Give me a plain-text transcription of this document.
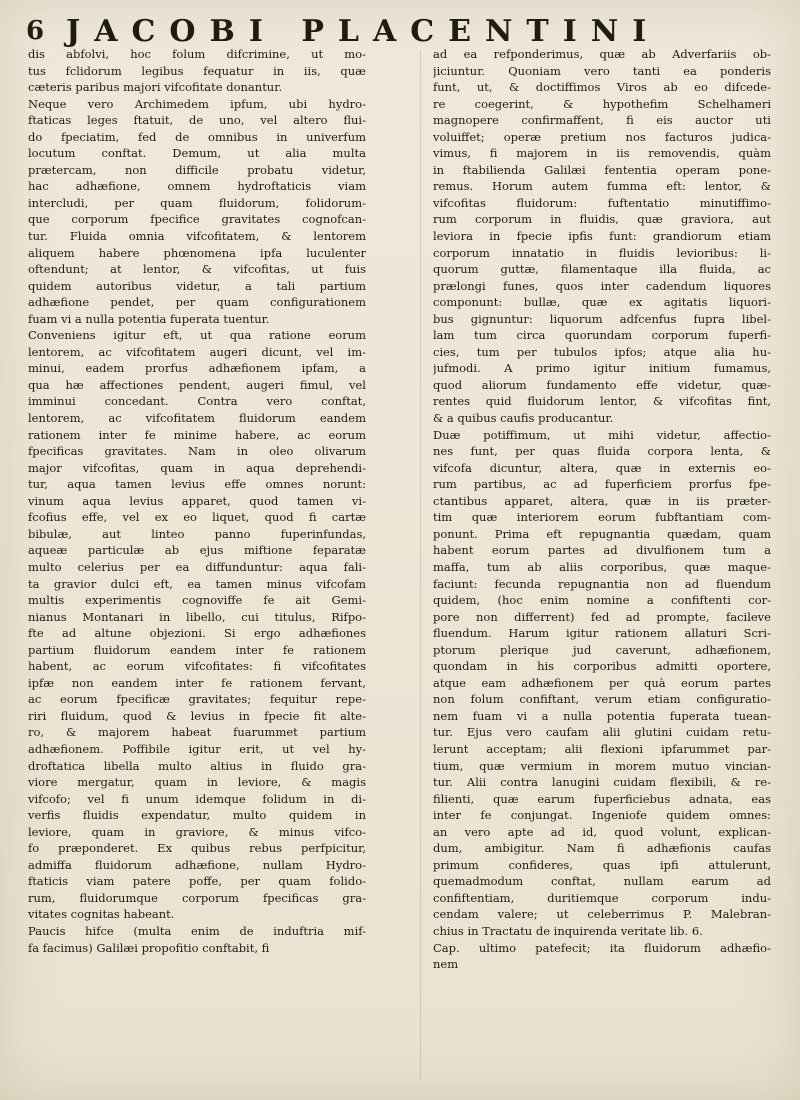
6 JACOBI PLACENTINI
dis abfolvi, hoc folum difcrimine, ut mo-
tus fclidorum legibus fequatur in iis, quæ
cæteris paribus majori vifcofitate donantur.
Neque vero Archimedem ipfum, ubi hydro-
ftaticas leges ftatuit, de uno, vel altero flui-
do fpeciatim, fed de omnibus in univerfum
locutum conftat. Demum, ut alia multa
prætercam, non difficile probatu videtur,
hac adhæfione, omnem hydroftaticis viam
intercludi, per quam fluidorum, folidorum-
que corporum fpecifice gravitates cognofcan-
tur. Fluida omnia vifcofitatem, & lentorem
aliquem habere phœnomena ipfa luculenter
oftendunt; at lentor, & vifcofitas, ut fuis
quidem autoribus videtur, a tali partium
adhæfione pendet, per quam configurationem
fuam vi a nulla potentia fuperata tuentur.
Conveniens igitur eft, ut qua ratione eorum
lentorem, ac vifcofitatem augeri dicunt, vel im-
minui, eadem prorfus adhæfionem ipfam, a
qua hæ affectiones pendent, augeri fimul, vel
imminui concedant. Contra vero conftat,
lentorem, ac vifcofitatem fluidorum eandem
rationem inter fe minime habere, ac eorum
fpecificas gravitates. Nam in oleo olivarum
major vifcofitas, quam in aqua deprehendi-
tur, aqua tamen levius effe omnes norunt:
vinum aqua levius apparet, quod tamen vi-
fcofius effe, vel ex eo liquet, quod fi cartæ
bibulæ, aut linteo panno fuperinfundas,
aqueæ particulæ ab ejus miftione feparatæ
multo celerius per ea diffunduntur: aqua fali-
ta gravior dulci eft, ea tamen minus vifcofam
multis experimentis cognoviffe fe ait Gemi-
nianus Montanari in libello, cui titulus, Rifpo-
fte ad altune objezioni. Si ergo adhæfiones
partium fluidorum eandem inter fe rationem
habent, ac eorum vifcofitates: fi vifcofitates
ipfæ non eandem inter fe rationem fervant,
ac eorum fpecificæ gravitates; fequitur repe-
riri fluidum, quod & levius in fpecie fit alte-
ro, & majorem habeat fuarummet partium
adhæfionem. Poffibile igitur erit, ut vel hy-
droftatica libella multo altius in fluido gra-
viore mergatur, quam in leviore, & magis
vifcofo; vel fi unum idemque folidum in di-
verfis fluidis expendatur, multo quidem in
leviore, quam in graviore, & minus vifco-
fo præponderet. Ex quibus rebus perfpicitur,
admiffa fluidorum adhæfione, nullam Hydro-
ftaticis viam patere poffe, per quam folido-
rum, fluidorumque corporum fpecificas gra-
vitates cognitas habeant.
Paucis hifce (multa enim de induftria mif-
fa facimus) Galilæi propofitio conftabit, fi
ad ea refponderimus, quæ ab Adverfariis ob-
jiciuntur. Quoniam vero tanti ea ponderis
funt, ut, & doctiffimos Viros ab eo difcede-
re coegerint, & hypothefim Schelhameri
magnopere confirmaffent, fi eis auctor uti
voluiffet; operæ pretium nos facturos judica-
vimus, fi majorem in iis removendis, quàm
in ftabilienda Galilæi fententia operam pone-
remus. Horum autem fumma eft: lentor, &
vifcofitas fluidorum: fuftentatio minutiffimo-
rum corporum in fluidis, quæ graviora, aut
leviora in fpecie ipfis funt: grandiorum etiam
corporum innatatio in fluidis levioribus: li-
quorum guttæ, filamentaque illa fluida, ac
prælongi funes, quos inter cadendum liquores
componunt: bullæ, quæ ex agitatis liquori-
bus gignuntur: liquorum adfcenfus fupra libel-
lam tum circa quorundam corporum fuperfi-
cies, tum per tubulos ipfos; atque alia hu-
jufmodi. A primo igitur initium fumamus,
quod aliorum fundamento effe videtur, quæ-
rentes quid fluidorum lentor, & vifcofitas fint,
& a quibus caufis producantur.
Duæ potiffimum, ut mihi videtur, affectio-
nes funt, per quas fluida corpora lenta, &
vifcofa dicuntur, altera, quæ in externis eo-
rum partibus, ac ad fuperficiem prorfus fpe-
ctantibus apparet, altera, quæ in iis præter-
tim quæ interiorem eorum fubftantiam com-
ponunt. Prima eft repugnantia quædam, quam
habent eorum partes ad divulfionem tum a
maffa, tum ab aliis corporibus, quæ maque-
faciunt: fecunda repugnantia non ad fluendum
quidem, (hoc enim nomine a confiftenti cor-
pore non differrent) fed ad prompte, facileve
fluendum. Harum igitur rationem allaturi Scri-
ptorum plerique jud caverunt, adhæfionem,
quondam in his corporibus admitti oportere,
atque eam adhæfionem per quà eorum partes
non folum confiftant, verum etiam configuratio-
nem fuam vi a nulla potentia fuperata tuean-
tur. Ejus vero caufam alii glutini cuidam retu-
lerunt acceptam; alii flexioni ipfarummet par-
tium, quæ vermium in morem mutuo vincian-
tur. Alii contra lanugini cuidam flexibili, & re-
filienti, quæ earum fuperficiebus adnata, eas
inter fe conjungat. Ingeniofe quidem omnes:
an vero apte ad id, quod volunt, explican-
dum, ambigitur. Nam fi adhæfionis caufas
primum confideres, quas ipfi attulerunt,
quemadmodum conftat, nullam earum ad
confiftentiam, duritiemque corporum indu-
cendam valere; ut celeberrimus P. Malebran-
chius in Tractatu de inquirenda veritate lib. 6.
Cap. ultimo patefecit; ita fluidorum adhæfio-
nem
